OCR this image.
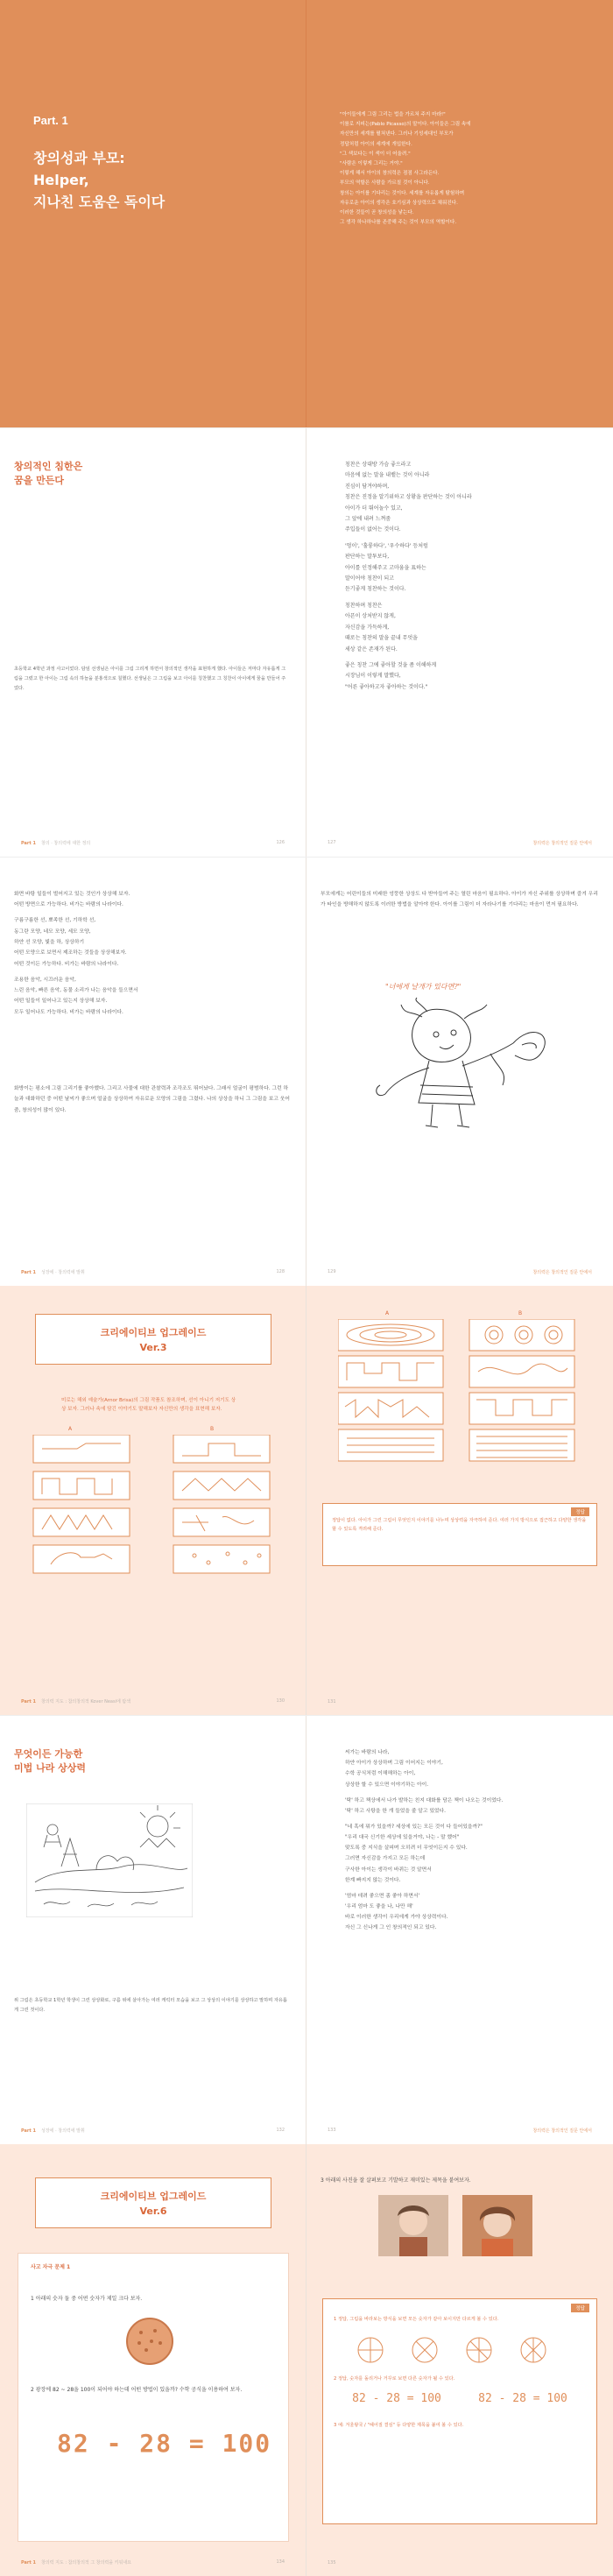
Part. 1
창의성과 부모:
Helper,
지나친 도움은 독이다
"아이들에게 그림 그리는 법을 가르쳐 주지 마라!"
이를로 지피는(Pablo Picasso)의 말이다. 아이들은 그림 속에
자신만의 세계를 펼쳐낸다. 그러나 기성세대인 부모가
정답처럼 아이의 세계에 개입한다.
"그 색보다는 이 색이 더 어울려."
"사람은 이렇게 그리는 거야."
이렇게 해서 아이의 창의력은 점점 사그라든다.
부모의 역할은 사람을 가르칠 것이 아니다.
창의는 아이를 기다리는 것이다. 세계를 자유롭게 탐험하며
자유로운 아이의 생각은 호기심과 상상력으로 채워진다.
이러한 것들이 곧 창의성을 낳는다.
그 생각 하나하나를 존중해 주는 것이 부모의 역할이다.
창의적인 침한은
꿈을 만든다
초등학교 4학년 과정 사고이었다. 담임 선생님은 아이를 그림 그리게 하면서 창의적인 생각을 표현하게 했다. 아이들은 저마다 자유롭게 그림을 그렸고 한 아이는 그림 속의 하늘을 분홍색으로 칠했다. 선생님은 그 그림을 보고 아이를 칭찬했고 그 칭찬이 아이에게 꿈을 만들어 주었다.
Part 1 창의 · 창의력에 대한 정의	126
칭찬은 상대방 가슴 좋으라고
마음에 없는 말을 내뱉는 것이 아니라
진심이 담겨야하며,
칭찬은 진정을 알기위하고 상황을 판단하는 것이 아니라
아이가 더 뛰어놀수 있고,
그 앞에 내려 느껴줌
주입들이 없어는 것이다.
'멍이', '훌륭하다', '우수하다' 등처럼
판단하는 말투보다,
아이를 인정해주고 고마움을 표하는
말이어야 칭찬이 되고
듣기좋게 칭찬하는 것이다.
칭찬하며 칭찬은
아픈이 상처받지 않게,
자신감을 가득하게,
때로는 칭찬의 말을 끝내 무엇을
세상 같은 존재가 된다.
좋은 칭찬 그에 좋아할 것을 좀 이해하게
시장님이 이렇게 말했다,
"어른 좋아하고자 좋아하는 것이다."
127	창의력은 창의적인 질문 안에서
화면 바탕 일들이 벌어지고 있는 것인가 상상해 보자.
어떤 방면으로 가능하다. 비가는 바람의 나라이다.
구름구름한 선, 뾰족한 선, 기하학 선,
동그란 모양, 네모 모양, 세모 모양,
하얀 선 모양, 빛을 하, 상상하기
어떤 모양으로 보면서 제조하는 것들을 상상해보자.
어떤 것이든 가능하다. 비가는 바람의 나라이다.
조용한 음악, 시끄러운 음악,
느린 음악, 빠른 음악, 동물 소리가 나는 음악을 들으면서
어떤 일들이 일어나고 있는지 상상해 보자.
모두 일어나도 가능하다. 비가는 바람의 나라이다.
화방이는 평소에 그림 그리기를 좋아했다. 그리고 사물에 대한 관찰력과 조각조도 뛰어났다. 그래서 얼굴이 평범하다. 그런 하늘과 대화하던 중 어떤 날씨가 좋으며 얼굴을 상상하여 자유로운 모양의 그림을 그렸다. 나의 상상을 하니 그 그림을 보고 웃어줌, 창의성이 많이 있다.
Part 1 성장에 · 창의력에 발휘	128
부모에게는 어린이들의 미래한 엉뚱한 상상도 다 받아들여 주는 열린 마음이 필요하다. 아이가 자신 주위를 상상하며 즐겨 우리가 타인을 방해하지 않도록 이러한 방법을 알아야 한다. 아이를 그림이 더 자라나기를 기다리는 마음이 먼저 필요하다.
"너에게 날개가 있다면?"
129	창의력은 창의적인 질문 안에서
크리에이티브 업그레이드
Ver.3
미로는 해외 예술가(Arnor Brisa)의 그림 작품도 참조하며, 선이 아니기 저기도 상상 보자. 그러나 속에 담긴 이야기도 말해보자 자신만의 생각을 표현해 보자.
A	B
Part 1 창의력 지도 : 참의창의적 Kover Neasi에 탐색	130
A	B
정답
정답이 없다. 아이가 그린 그림이 무엇인지 이야기를 나누며 상상력을 자극하여 준다. 여러 가지 방식으로 접근하고 다양한 생각을 할 수 있도록 격려해 준다.
131
무엇이든 가능한
미법 나라 상상력
위 그림은 초등학교 1학년 학생이 그린 상상화로, 구름 위에 살아가는 여러 캐릭터 모습을 보고 그 상상의 이야기를 상상하고 말하며 자유롭게 그린 것이다.
Part 1 성장에 · 창의력에 발휘	132
씨가는 바람의 나라,
하얀 아이가 상상하며 그림 이어지는 이야기,
수학 공식처럼 이해해하는 아이,
상상한 할 수 있으면 이야기하는 아이.
'탁' 하고 책상에서 나가 발하는 친지 대화를 담은 책이 나오는 것이었다.
'탁' 하고 사탕을 한 개 들었을 줄 알고 있었다.
"네 혹에 뭐가 있을까? 세상에 있는 모든 것이 다 들어있을까?"
"우리 대국 신기한 세상에 있을거야, 나는 - 말 했어"
맞도록 중 지식을 살피며 오히려 더 무엇이든지 수 있다.
그러면 자신감을 가지고 모든 하는데
구사한 아이는 생각이 바뀌는 것 알면서
한계 빠지지 않는 것이다.
'엄마 데려 좋으면 좀 좋아 하면서'
'우리 엄마 도 좋을 나, 나만 해'
바로 이러한 생각이 우리에게 가야 상상력이다.
자신 그 신나게 그 인 창의적인 되고 있다.
133	창의력은 창의적인 질문 안에서
크리에이티브 업그레이드
Ver.6
사고 자극 문제 1
1 아래의 숫자 둘 중 어떤 숫자가 제일 크다 보자.
2 광장에 82 ~ 28을 100이 되어야 하는데 어떤 방법이 있을까? 수학 공식을 이용하여 보자.
82 - 28 = 100
Part 1 창의력 지도 : 참의창의적 그 창의력을 키워내요	134
3 아래의 사진을 잘 살펴보고 기발하고 재미있는 제목을 붙여보자.
정답
1 정답, 그림을 바라보는 방식을 보면 모든 숫자가 같아 보이지만 다르게 볼 수 있다.
2 정답, 숫자를 돌리거나 거꾸로 보면 다른 숫자가 될 수 있다.
82 - 28 = 100	82 - 28 = 100
3 예: 겨울왕국 / "헤어질 결심" 등 다양한 제목을 붙여 볼 수 있다.
135
